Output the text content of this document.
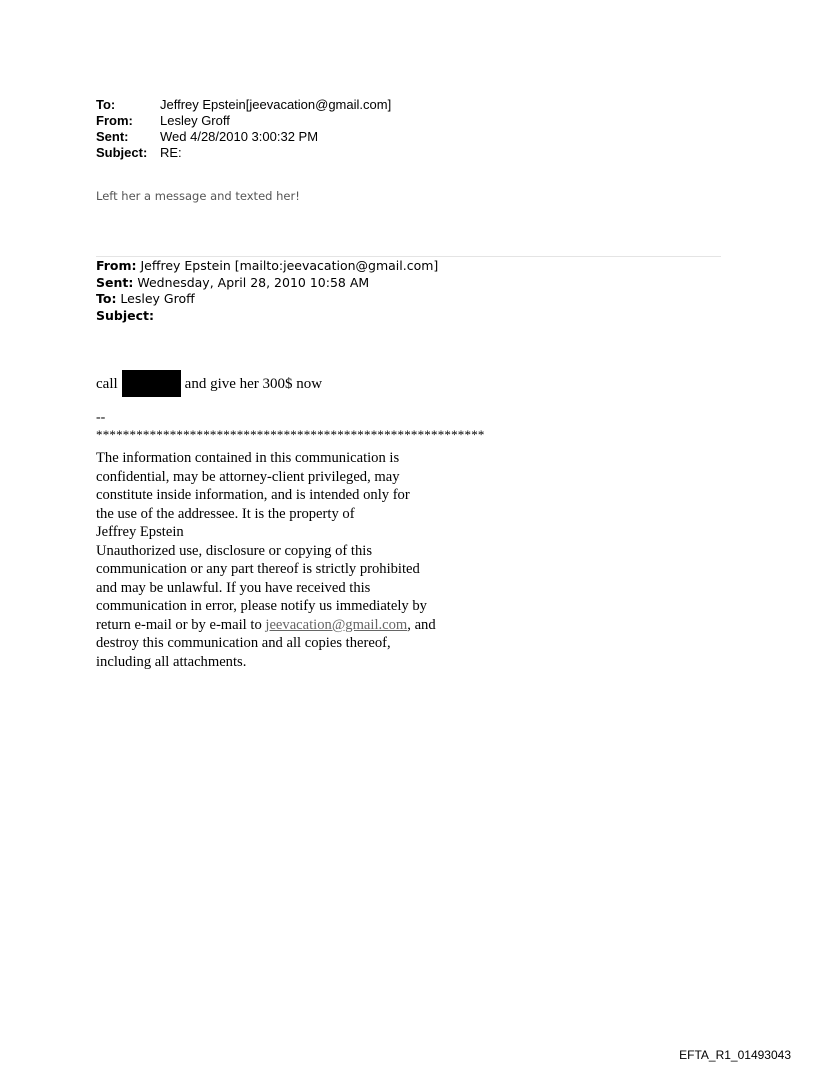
To:	Jeffrey Epstein[jeevacation@gmail.com]
From:	Lesley Groff
Sent:	Wed 4/28/2010 3:00:32 PM
Subject: RE:
Left her a message and texted her!
From: Jeffrey Epstein [mailto:jeevacation@gmail.com]
Sent: Wednesday, April 28, 2010 10:58 AM
To: Lesley Groff
Subject:
call	and give her 300$ now
--
**********************************************************
The information contained in this communication is
confidential, may be attorney-client privileged, may
constitute inside information, and is intended only for
the use of the addressee. It is the property of
Jeffrey Epstein
Unauthorized use, disclosure or copying of this
communication or any part thereof is strictly prohibited
and may be unlawful. If you have received this
communication in error, please notify us immediately by
return e-mail or by e-mail to jeevacation@gmail.com, and
destroy this communication and all copies thereof,
including all attachments.
EFTA_R1_01493043
